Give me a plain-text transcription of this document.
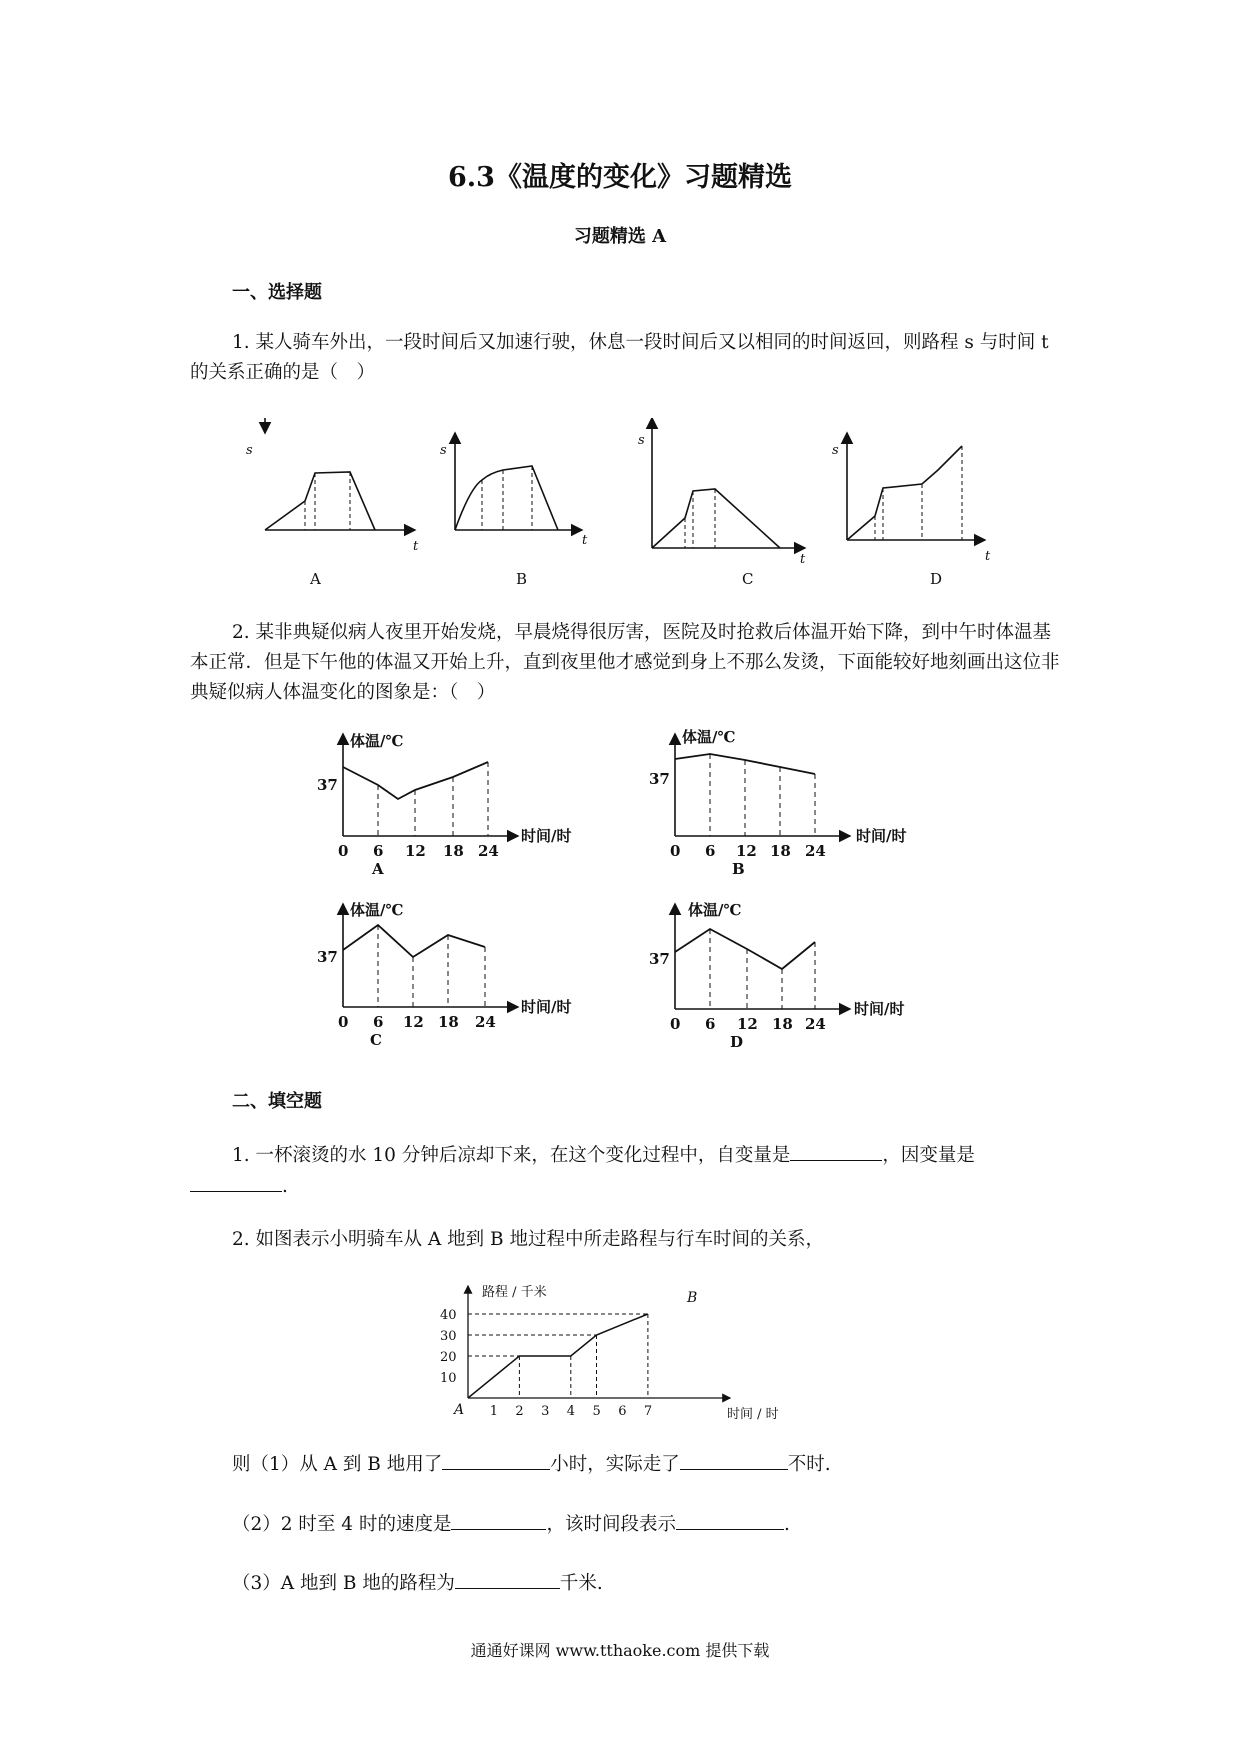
6.3《温度的变化》习题精选
习题精选 A
一、选择题
1. 某人骑车外出，一段时间后又加速行驶，休息一段时间后又以相同的时间返回，则路程 s 与时间 t 的关系正确的是（　）
s
t
A
s
t
B
s
t
C
s
t
D
2. 某非典疑似病人夜里开始发烧，早晨烧得很厉害，医院及时抢救后体温开始下降，到中午时体温基本正常．但是下午他的体温又开始上升，直到夜里他才感觉到身上不那么发烫，下面能较好地刻画出这位非典疑似病人体温变化的图象是：（　）
体温/℃
37
0 6 12 18 24
时间/时
A
体温/℃
37
0 6 12 18 24
时间/时
B
体温/℃
37
0 6 12 18 24
时间/时
C
体温/℃
37
0 6 12 18 24
时间/时
D
二、填空题
1. 一杯滚烫的水 10 分钟后凉却下来，在这个变化过程中，自变量是	，因变量是.
2. 如图表示小明骑车从 A 地到 B 地过程中所走路程与行车时间的关系，
1 2 3 4 5 6 7
10
20
30
40
路程 / 千米
时间 / 时
A
B
则（1）从 A 到 B 地用了	小时，实际走了	不时.
（2）2 时至 4 时的速度是	，该时间段表示	.
（3）A 地到 B 地的路程为	千米.
通通好课网 www.tthaoke.com 提供下载
